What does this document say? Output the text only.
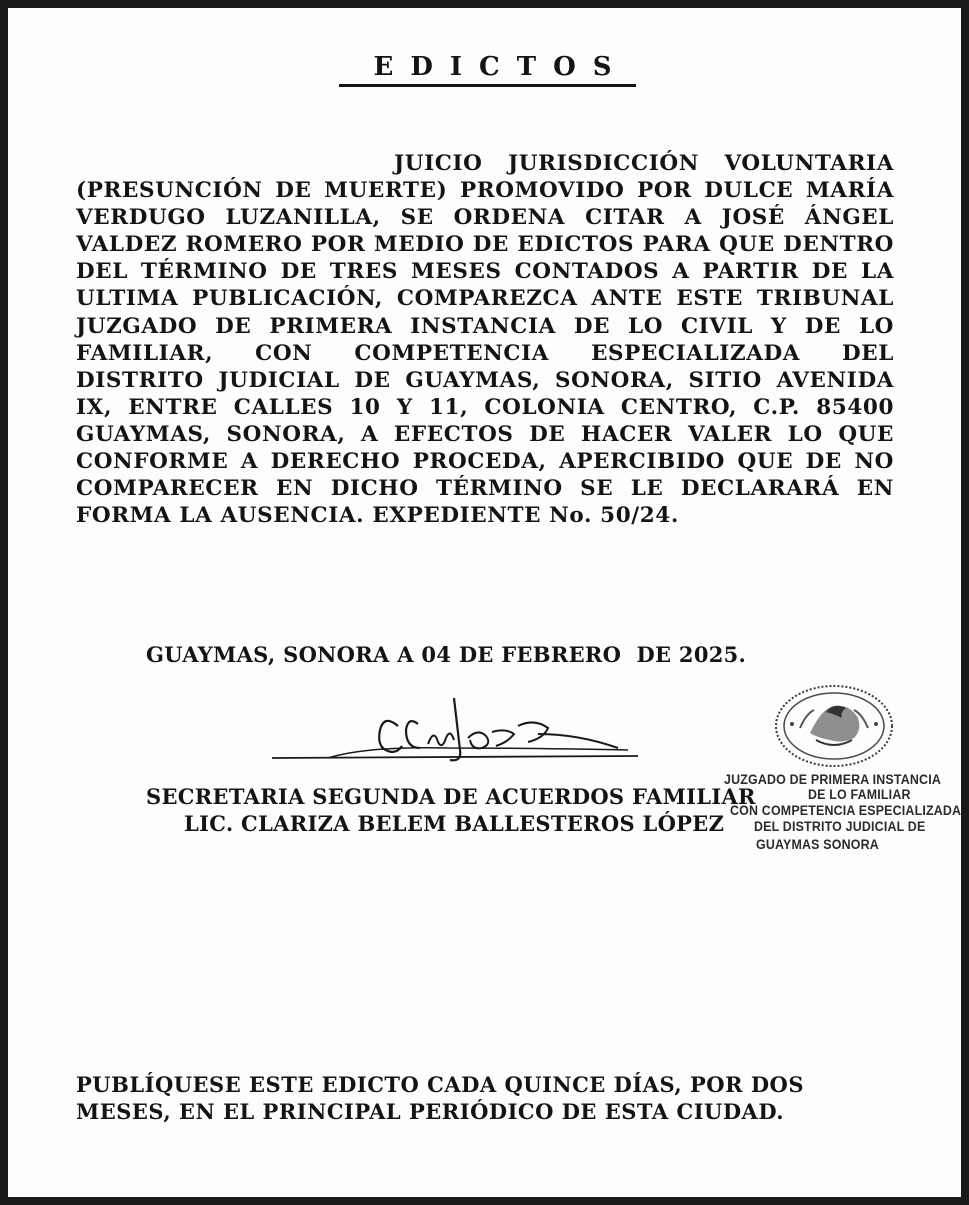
EDICTOS
JUICIO JURISDICCIÓN VOLUNTARIA (PRESUNCIÓN DE MUERTE) PROMOVIDO POR DULCE MARÍA VERDUGO LUZANILLA, SE ORDENA CITAR A JOSÉ ÁNGEL VALDEZ ROMERO POR MEDIO DE EDICTOS PARA QUE DENTRO DEL TÉRMINO DE TRES MESES CONTADOS A PARTIR DE LA ULTIMA PUBLICACIÓN, COMPAREZCA ANTE ESTE TRIBUNAL JUZGADO DE PRIMERA INSTANCIA DE LO CIVIL Y DE LO FAMILIAR, CON COMPETENCIA ESPECIALIZADA DEL DISTRITO JUDICIAL DE GUAYMAS, SONORA, SITIO AVENIDA IX, ENTRE CALLES 10 Y 11, COLONIA CENTRO, C.P. 85400 GUAYMAS, SONORA, A EFECTOS DE HACER VALER LO QUE CONFORME A DERECHO PROCEDA, APERCIBIDO QUE DE NO COMPARECER EN DICHO TÉRMINO SE LE DECLARARÁ EN FORMA LA AUSENCIA. EXPEDIENTE No. 50/24.
GUAYMAS, SONORA A 04 DE FEBRERO  DE 2025.
SECRETARIA SEGUNDA DE ACUERDOS FAMILIAR
LIC. CLARIZA BELEM BALLESTEROS LÓPEZ
JUZGADO DE PRIMERA INSTANCIA
DE LO FAMILIAR
CON COMPETENCIA ESPECIALIZADA
DEL DISTRITO JUDICIAL DE
GUAYMAS SONORA
PUBLÍQUESE ESTE EDICTO CADA QUINCE DÍAS, POR DOS
MESES, EN EL PRINCIPAL PERIÓDICO DE ESTA CIUDAD.
